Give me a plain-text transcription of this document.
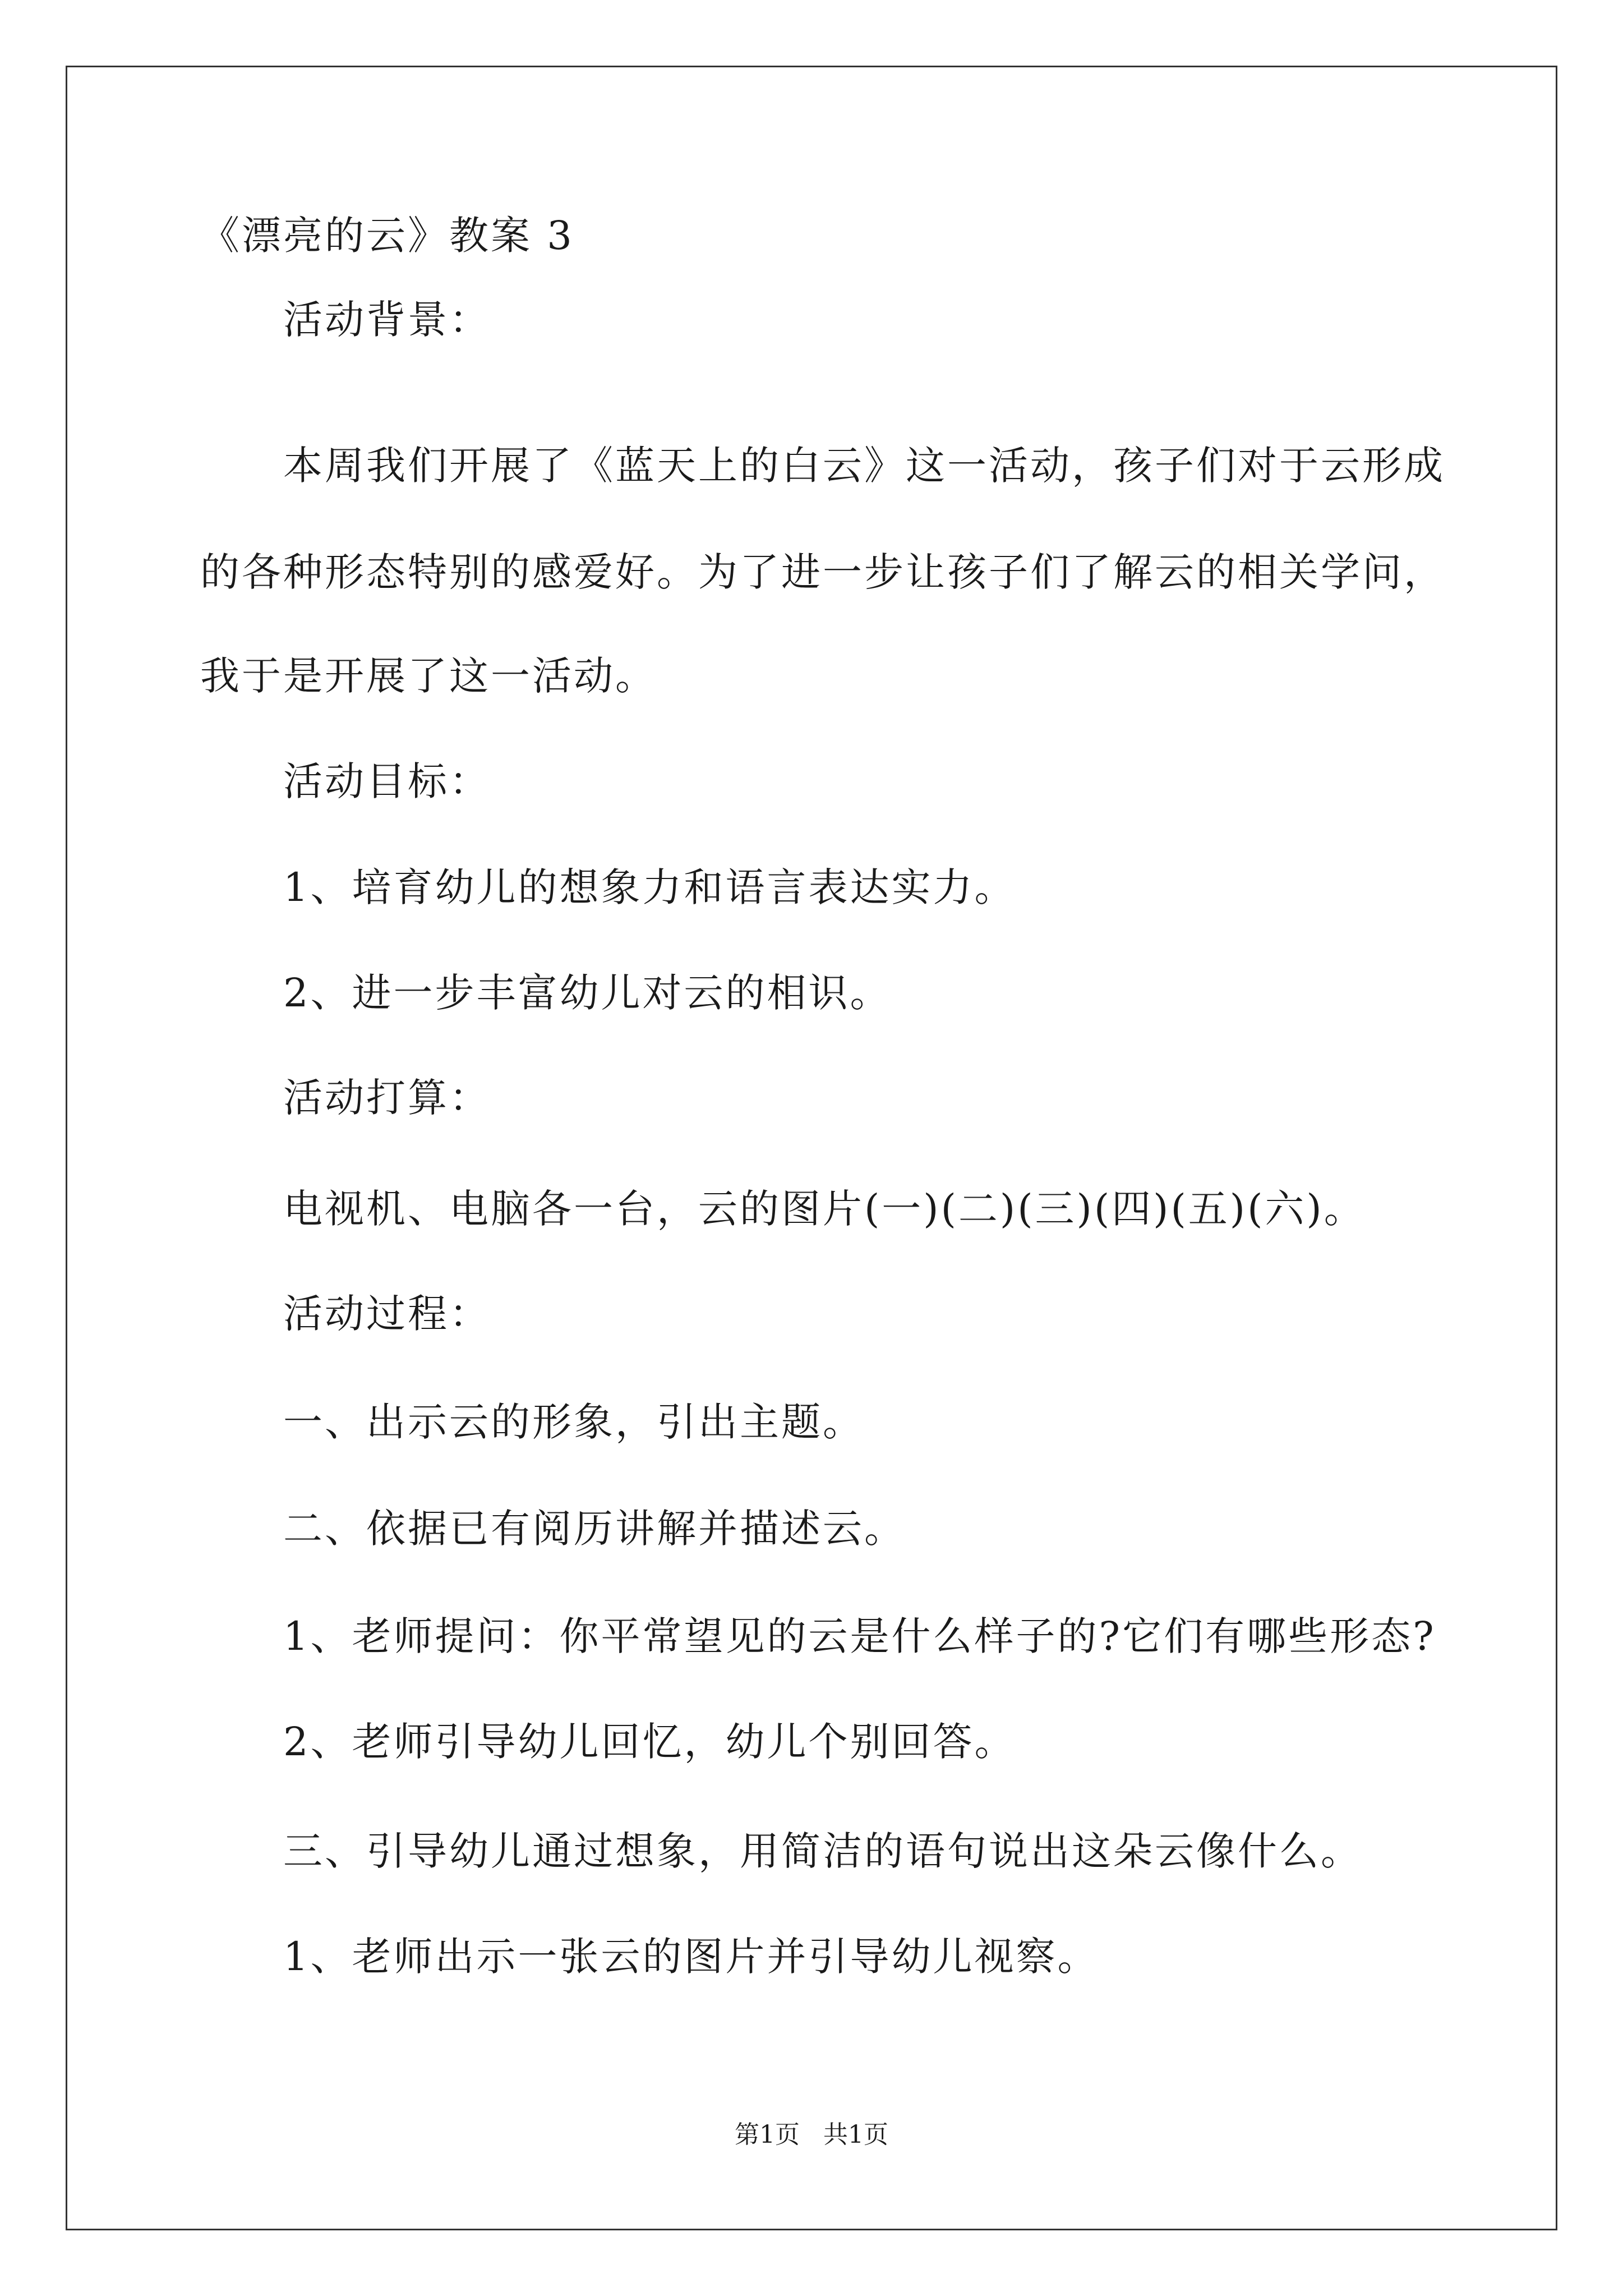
《漂亮的云》教案 3
活动背景：
本周我们开展了《蓝天上的白云》这一活动，孩子们对于云形成
的各种形态特别的感爱好。为了进一步让孩子们了解云的相关学问，
我于是开展了这一活动。
活动目标：
1、培育幼儿的想象力和语言表达实力。
2、进一步丰富幼儿对云的相识。
活动打算：
电视机、电脑各一台，云的图片(一)(二)(三)(四)(五)(六)。
活动过程：
一、出示云的形象，引出主题。
二、依据已有阅历讲解并描述云。
1、老师提问：你平常望见的云是什么样子的?它们有哪些形态?
2、老师引导幼儿回忆，幼儿个别回答。
三、引导幼儿通过想象，用简洁的语句说出这朵云像什么。
1、老师出示一张云的图片并引导幼儿视察。
第1页   共1页
